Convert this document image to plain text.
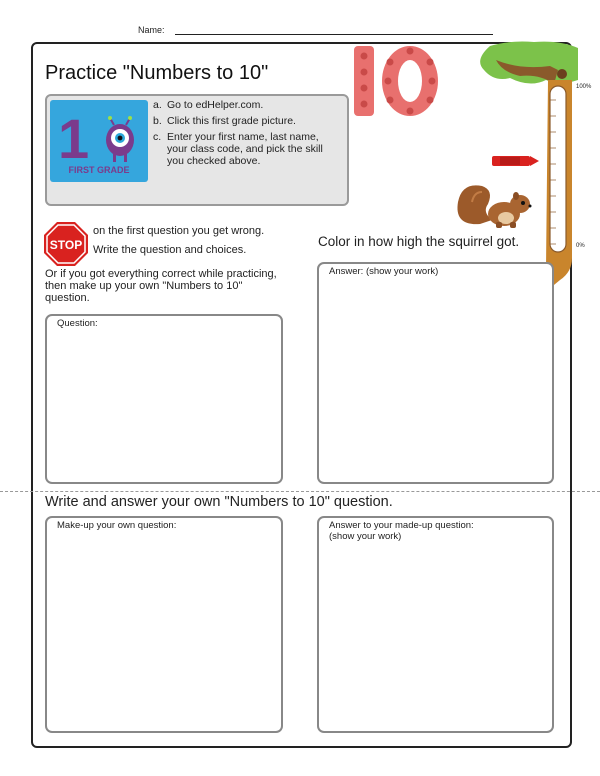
Name:
Practice "Numbers to 10"
1
FIRST GRADE
a. Go to edHelper.com.
b. Click this first grade picture.
c. Enter your first name, last name, your class code, and pick the skill you checked above.
STOP
on the first question you get wrong.
Write the question and choices.
Or if you got everything correct while practicing, then make up your own "Numbers to 10" question.
Color in how high the squirrel got.
100%
0%
Question:
Answer: (show your work)
Write and answer your own "Numbers to 10" question.
Make-up your own question:	Answer to your made-up question:
(show your work)
